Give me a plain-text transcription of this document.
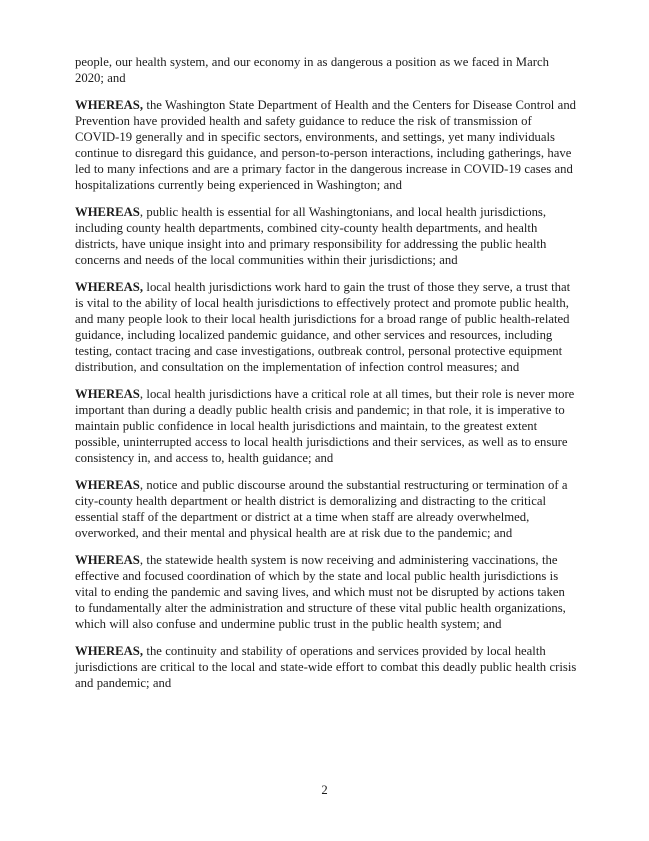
people, our health system, and our economy in as dangerous a position as we faced in March 2020; and

WHEREAS, the Washington State Department of Health and the Centers for Disease Control and Prevention have provided health and safety guidance to reduce the risk of transmission of COVID-19 generally and in specific sectors, environments, and settings, yet many individuals continue to disregard this guidance, and person-to-person interactions, including gatherings, have led to many infections and are a primary factor in the dangerous increase in COVID-19 cases and hospitalizations currently being experienced in Washington; and

WHEREAS, public health is essential for all Washingtonians, and local health jurisdictions, including county health departments, combined city-county health departments, and health districts, have unique insight into and primary responsibility for addressing the public health concerns and needs of the local communities within their jurisdictions; and

WHEREAS, local health jurisdictions work hard to gain the trust of those they serve, a trust that is vital to the ability of local health jurisdictions to effectively protect and promote public health, and many people look to their local health jurisdictions for a broad range of public health-related guidance, including localized pandemic guidance, and other services and resources, including testing, contact tracing and case investigations, outbreak control, personal protective equipment distribution, and consultation on the implementation of infection control measures; and

WHEREAS, local health jurisdictions have a critical role at all times, but their role is never more important than during a deadly public health crisis and pandemic; in that role, it is imperative to maintain public confidence in local health jurisdictions and maintain, to the greatest extent possible, uninterrupted access to local health jurisdictions and their services, as well as to ensure consistency in, and access to, health guidance; and

WHEREAS, notice and public discourse around the substantial restructuring or termination of a city-county health department or health district is demoralizing and distracting to the critical essential staff of the department or district at a time when staff are already overwhelmed, overworked, and their mental and physical health are at risk due to the pandemic; and

WHEREAS, the statewide health system is now receiving and administering vaccinations, the effective and focused coordination of which by the state and local public health jurisdictions is vital to ending the pandemic and saving lives, and which must not be disrupted by actions taken to fundamentally alter the administration and structure of these vital public health organizations, which will also confuse and undermine public trust in the public health system; and

WHEREAS, the continuity and stability of operations and services provided by local health jurisdictions are critical to the local and state-wide effort to combat this deadly public health crisis and pandemic; and

2
